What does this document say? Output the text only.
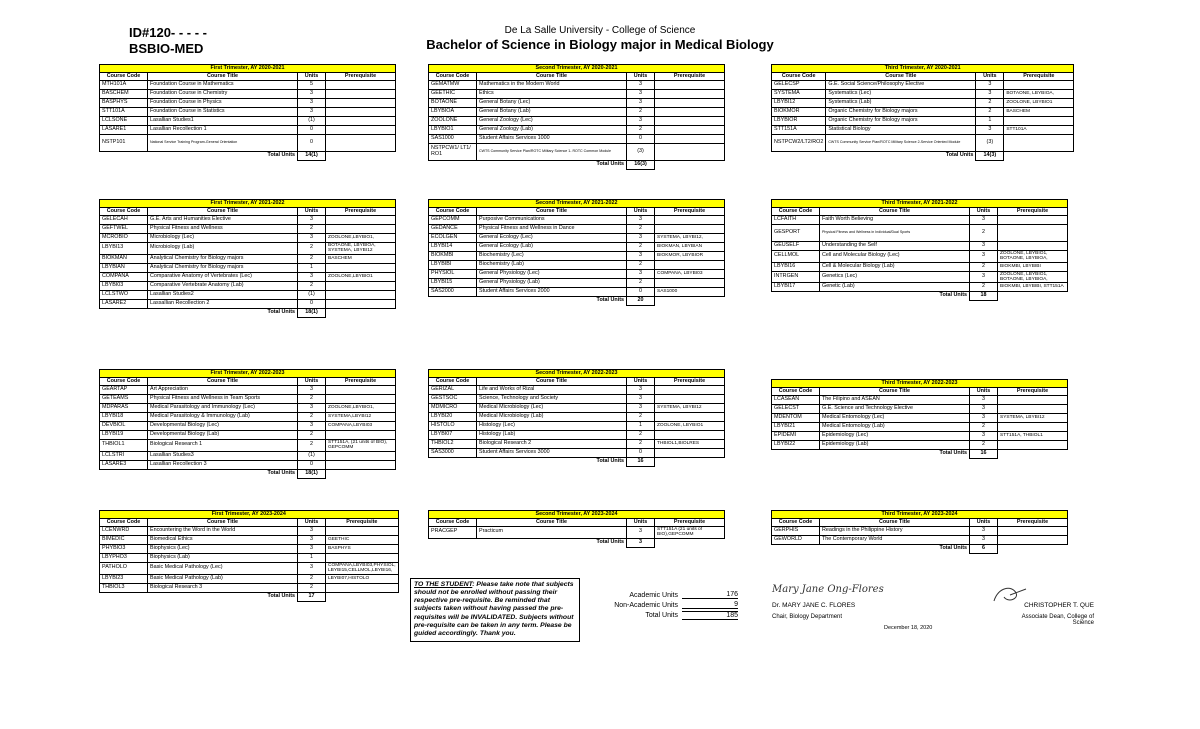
ID#120- - - - -
BSBIO-MED
De La Salle University - College of Science
Bachelor of Science in Biology major in Medical Biology
First Trimester, AY 2020-2021			
Course Code	Course Title	Units	Prerequisite
MTH101A	Foundation Course in Mathematics	5	
BASCHEM	Foundation Course in Chemistry	3	
BASPHYS	Foundation Course in Physics	3	
STT101A	Foundation Course in Statistics	3	
LCLSONE	Lasallian Studies1	(1)	
LASARE1	Lasallian Recollection 1	0	
NSTP101	National Service Training Program-General Orientation	0	
	Total Units	14(1)	
Second Trimester, AY 2020-2021			
Course Code	Course Title	Units	Prerequisite
GEMATMW	Mathematics in the Modern World	3	
GEETHIC	Ethics	3	
BOTAONE	General Botany (Lec)	3	
LBYBIOA	General Botany (Lab)	2	
ZOOLONE	General Zoology (Lec)	3	
LBYBIO1	General Zoology (Lab)	2	
SAS1000	Student Affairs Services 1000	0	
NSTPCW1/ LT1/ RO1	CWTS Community Service Plan/ROTC Military Science 1- ROTC Common Module	(3)	
	Total Units	16(3)	
Third Trimester, AY 2020-2021			
Course Code	Course Title	Units	Prerequisite
GELECSP	G.E. Social Science/Philosophy Elective	3	
SYSTEMA	Systematics (Lec)	3	BOTAONE, LBYBIOA,
LBYBI12	Systematics (Lab)	2	ZOOLONE, LBYBIO1
BIOKMOR	Organic Chemistry for Biology majors	2	BASCHEM
LBYBIOR	Organic Chemistry for Biology majors	1	
STT151A	Statistical Biology	3	STT101A
NSTPCW2/LT2/RO2	CWTS Community Service Plan/ROTC Military Science 2-Service Oriented Module	(3)	
	Total Units	14(3)	
First Trimester, AY 2021-2022			
Course Code	Course Title	Units	Prerequisite
GELECAH	G.E. Arts and Humanities Elective	3	
GEFTWEL	Physical Fitness and Wellness	2	
MCROBIO	Microbiology (Lec)	3	ZOOLONE,LBYBIO1,
LBYBI13	Microbiology (Lab)	2	BOTAONE, LBYBIOA, SYSTEMA, LBYBI12
BIOKMAN	Analytical Chemistry for Biology majors	2	BASCHEM
LBYBIAN	Analytical Chemistry for Biology majors	1	
COMPANA	Comparative Anatomy of Vertebrates (Lec)	3	ZOOLONE,LBYBIO1
LBYBI03	Comparative Vertebrate Anatomy (Lab)	2	
LCLSTWO	Lasallian Studies2	(1)	
LASARE2	Lassallian Recollection 2	0	
	Total Units	18(1)	
Second Trimester, AY 2021-2022			
Course Code	Course Title	Units	Prerequisite
GEPCOMM	Purposive Communications	3	
GEDANCE	Physical Fitness and Wellness in Dance	2	
ECOLGEN	General Ecology (Lec)	3	SYSTEMA, LBYBI12,
LBYBI14	General Ecology (Lab)	2	BIOKMAN, LBYBIAN
BIOKMBI	Biochemistry (Lec)	3	BIOKMOR, LBYBIOR
LBYBIBI	Biochemistry (Lab)	2	
PHYSIOL	General Physiology (Lec)	3	COMPANA, LBYBI03
LBYBI15	General Physiology (Lab)	2	
SAS2000	Student Affairs Services 2000	0	SAS1000
	Total Units	20	
Third Trimester, AY 2021-2022			
Course Code	Course Title	Units	Prerequisite
LCFAITH	Faith Worth Believing	3	
GESPORT	Physical Fitness and Wellness in Individual/Dual Sports	2	
GEUSELF	Understanding the Self	3	
CELLMOL	Cell and Molecular Biology (Lec)	3	ZOOLONE, LBYBIO1, BOTAONE, LBYBIOA,
LBYBI16	Cell & Molecular Biology (Lab)	2	BIOKMBI, LBYBIBI
INTRGEN	Genetics (Lec)	3	ZOOLONE, LBYBIO1, BOTAONE, LBYBIOA,
LBYBI17	Genetic (Lab)	2	BIOKMBI, LBYBIBI, STT151A
	Total Units	18	
First Trimester, AY 2022-2023			
Course Code	Course Title	Units	Prerequisite
GEARTAP	Art Appreciation	3	
GETEAMS	Physical Fitness and Wellness in Team Sports	2	
MDPARAS	Medical Parasitology and Immunology (Lec)	3	ZOOLONE,LBYBIO1,
LBYBI18	Medical Parasitology & Immunology (Lab)	2	SYSTEMA,LBYBI12
DEVBIOL	Developmental Biology (Lec)	3	COMPANA,LBYBI03
LBYBI19	Developmental Biology (Lab)	2	
THBIOL1	Biological Research 1	2	STT151A, (21 units of BIO), GEPCOMM
LCLSTRI	Lasallian Studies3	(1)	
LASARE3	Lasallian Recollection 3	0	
	Total Units	18(1)	
Second Trimester, AY 2022-2023			
Course Code	Course Title	Units	Prerequisite
GERIZAL	Life and Works of Rizal	3	
GESTSOC	Science, Technology and Society	3	
MDMICRO	Medical Microbiology (Lec)	3	SYSTEMA, LBYBI12
LBYBI20	Medical Microbiology (Lab)	2	
HISTOLO	Histology (Lec)	1	ZOOLONE, LBYBIO1
LBYBI07	Histology (Lab)	2	
THBIOL2	Biological Research 2	2	THBIOL1,BIOLRES
SAS3000	Student Affairs Services 3000	0	
	Total Units	16	
Third Trimester, AY 2022-2023			
Course Code	Course Title	Units	Prerequisite
LCASEAN	The Filipino and ASEAN	3	
GELECST	G.E. Science and Technology Elective	3	
MDENTOM	Medical Entomology (Lec)	3	SYSTEMA, LBYBI12
LBYBI21	Medical Entomology (Lab)	2	
EPIDEMI	Epidemiology (Lec)	3	STT151A, THBIOL1
LBYBI22	Epidemiology (Lab)	2	
	Total Units	16	
First Trimester, AY 2023-2024			
Course Code	Course Title	Units	Prerequisite
LCENWRD	Encountering the Word in the World	3	
BIMEDIC	Biomedical Ethics	3	GEETHIC
PHYBIO3	Biophysics (Lec)	3	BASPHYS
LBYPHO3	Biophysics (Lab)	1	
PATHOLO	Basic Medical Pathology (Lec)	3	COMPANA,LBYBI03,PHYSIOL, LBYBI15,CELLMOL,LBYBI16,
LBYBI23	Basic Medical Pathology (Lab)	2	LBYBI07,HISTOLO
THBIOL3	Biological Research 3	2	
	Total Units	17	
Second Trimester, AY 2023-2024			
Course Code	Course Title	Units	Prerequisite
PRACGEP	Practicum	3	STT151A (21 units of BIO),GEPCOMM
	Total Units	3	
Third Trimester, AY 2023-2024			
Course Code	Course Title	Units	Prerequisite
GERPHIS	Readings in the Philippine History	3	
GEWORLD	The Contemporary World	3	
	Total Units	6	
TO THE STUDENT: Please take note that subjects should not be enrolled without passing their respective pre-requisite. Be reminded that subjects taken without having passed the pre-requisites will be INVALIDATED. Subjects without pre-requisite can be taken in any term. Please be guided accordingly. Thank you.
Academic Units	176
Non-Academic Units	9
Total Units	185
Mary Jane Ong-Flores
Dr. MARY JANE C. FLORES
Chair, Biology Department
CHRISTOPHER T. QUE
Associate Dean, College of Science
December 18, 2020
